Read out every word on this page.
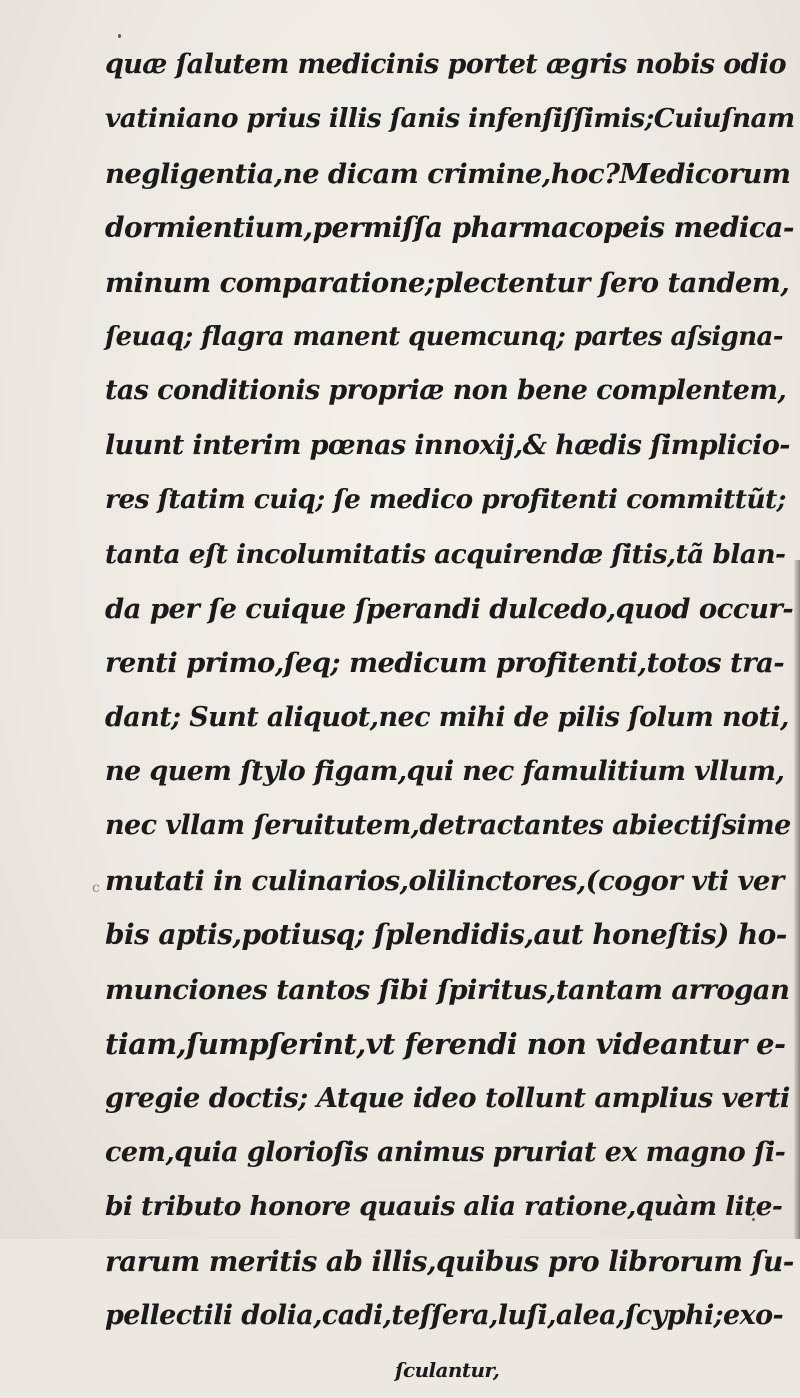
c
quæ ſalutem medicinis portet ægris nobis odio
vatiniano prius illis ſanis infenſiſſimis;Cuiuſnam
negligentia,ne dicam crimine,hoc?Medicorum
dormientium,permiſſa pharmacopeis medica-
minum comparatione;plectentur ſero tandem,
ſeuaq; flagra manent quemcunq; partes aſsigna-
tas conditionis propriæ non bene complentem,
luunt interim pœnas innoxij,& hædis ſimplicio-
res ſtatim cuiq; ſe medico profitenti committũt;
tanta eſt incolumitatis acquirendæ ſitis,tã blan-
da per ſe cuique ſperandi dulcedo,quod occur-
renti primo,ſeq; medicum profitenti,totos tra-
dant; Sunt aliquot,nec mihi de pilis ſolum noti,
ne quem ſtylo figam,qui nec famulitium vllum,
nec vllam ſeruitutem,detractantes abiectiſsime
mutati in culinarios,olilinctores,(cogor vti ver
bis aptis,potiusq; ſplendidis,aut honeſtis) ho-
munciones tantos ſibi ſpiritus,tantam arrogan
tiam,ſumpſerint,vt ferendi non videantur e-
gregie doctis; Atque ideo tollunt amplius verti
cem,quia glorioſis animus pruriat ex magno ſi-
bi tributo honore quauis alia ratione,quàm lite-
rarum meritis ab illis,quibus pro librorum ſu-
pellectili dolia,cadi,teſſera,luſi,alea,ſcyphi;exo-
ſculantur,
